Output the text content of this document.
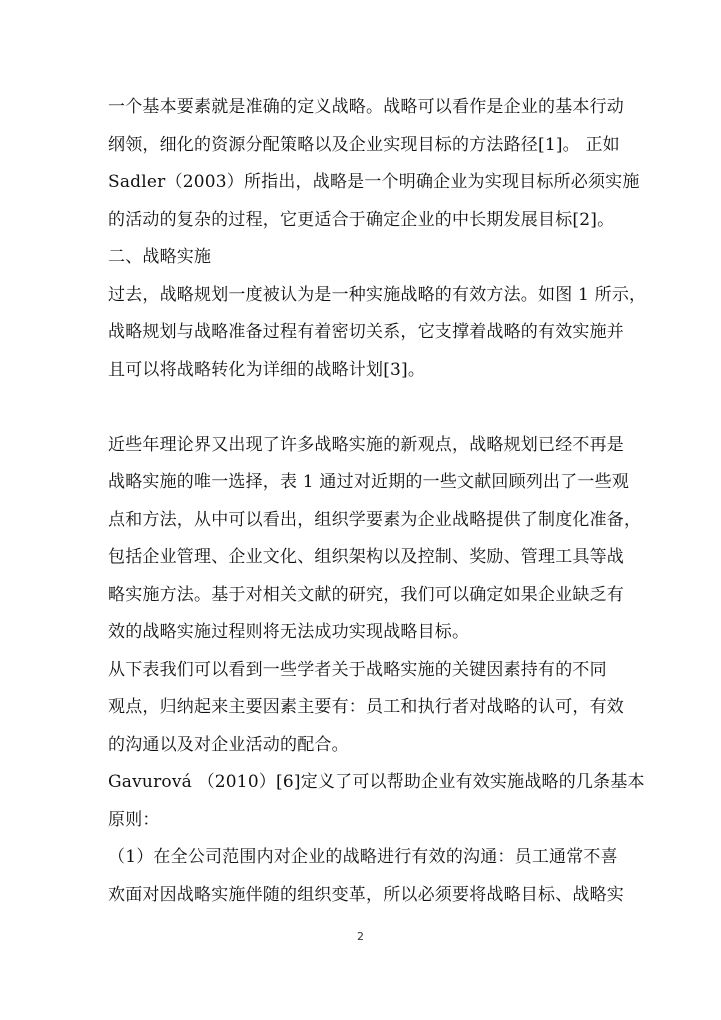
一个基本要素就是准确的定义战略。战略可以看作是企业的基本行动
纲领，细化的资源分配策略以及企业实现目标的方法路径[1]。 正如
Sadler（2003）所指出，战略是一个明确企业为实现目标所必须实施
的活动的复杂的过程，它更适合于确定企业的中长期发展目标[2]。
二、战略实施
过去，战略规划一度被认为是一种实施战略的有效方法。如图 1 所示，
战略规划与战略准备过程有着密切关系，它支撑着战略的有效实施并
且可以将战略转化为详细的战略计划[3]。
近些年理论界又出现了许多战略实施的新观点，战略规划已经不再是
战略实施的唯一选择，表 1 通过对近期的一些文献回顾列出了一些观
点和方法，从中可以看出，组织学要素为企业战略提供了制度化准备，
包括企业管理、企业文化、组织架构以及控制、奖励、管理工具等战
略实施方法。基于对相关文献的研究，我们可以确定如果企业缺乏有
效的战略实施过程则将无法成功实现战略目标。
从下表我们可以看到一些学者关于战略实施的关键因素持有的不同
观点，归纳起来主要因素主要有：员工和执行者对战略的认可，有效
的沟通以及对企业活动的配合。
Gavurová （2010）[6]定义了可以帮助企业有效实施战略的几条基本
原则：
（1）在全公司范围内对企业的战略进行有效的沟通：员工通常不喜
欢面对因战略实施伴随的组织变革，所以必须要将战略目标、战略实
2
